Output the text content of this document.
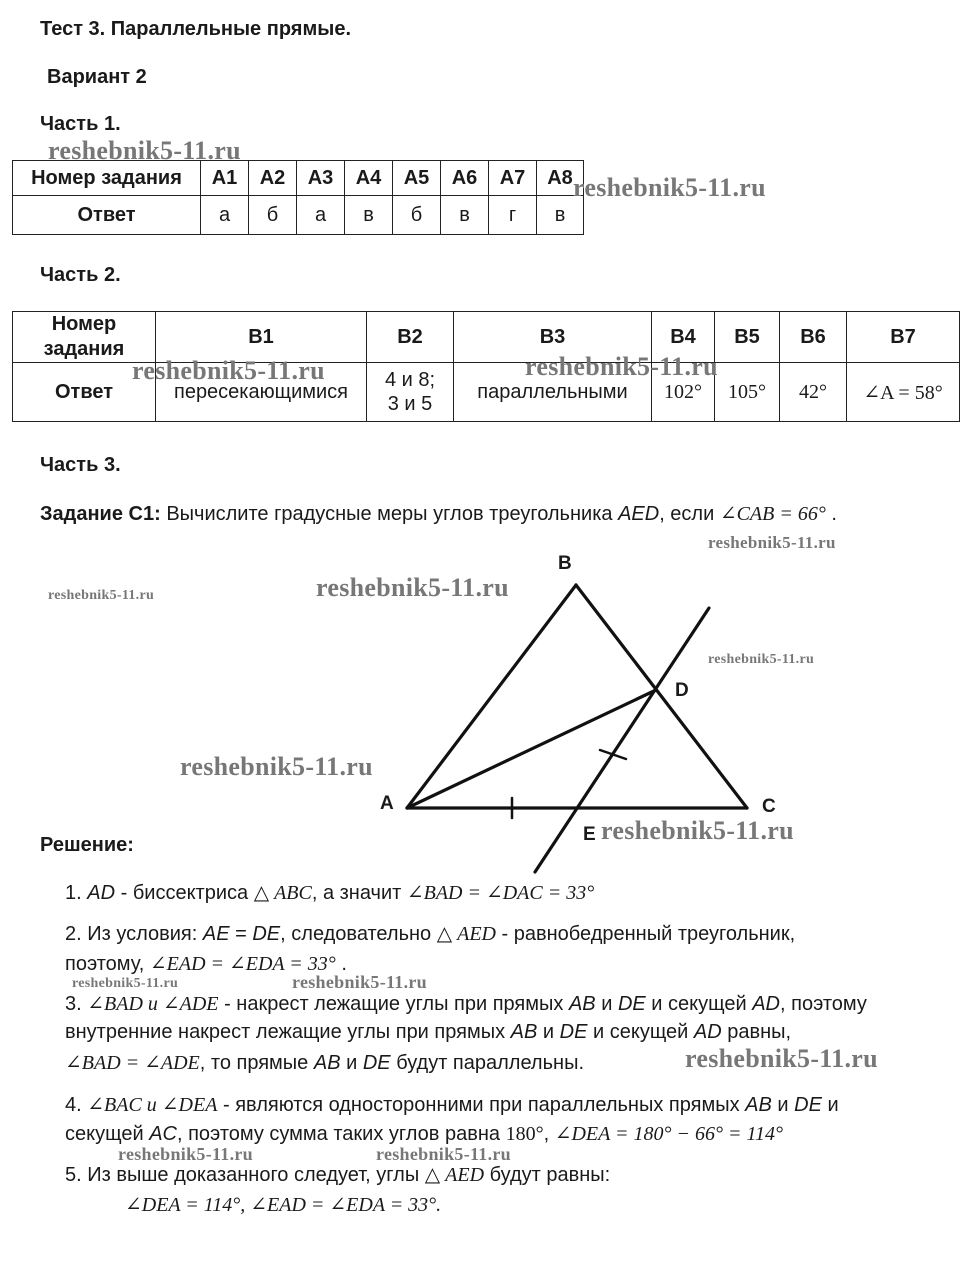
Тест 3. Параллельные прямые.
Вариант 2
Часть 1.
Номер задания	A1	A2	A3	A4	A5	A6	A7	A8
Ответ	а	б	а	в	б	в	г	в
Часть 2.
Номер
задания	B1	B2	B3	B4	B5	B6	B7
Ответ	пересекающимися	4 и 8;
3 и 5	параллельными	102°	105°	42°	∠A = 58°
Часть 3.
Задание С1: Вычислите градусные меры углов треугольника AED, если ∠CAB = 66° .
B
D
A	C
E
Решение:
1. AD - биссектриса △ ABC, а значит ∠BAD = ∠DAC = 33°
2. Из условия: AE = DE, следовательно △ AED - равнобедренный треугольник,
поэтому, ∠EAD = ∠EDA = 33° .
3. ∠BAD и ∠ADE - накрест лежащие углы при прямых AB и DE и секущей AD, поэтому
внутренние накрест лежащие углы при прямых AB и DE и секущей AD равны,
∠BAD = ∠ADE, то прямые AB и DE будут параллельны.
4. ∠BAC и ∠DEA - являются односторонними при параллельных прямых AB и DE и
секущей AC, поэтому сумма таких углов равна 180°, ∠DEA = 180° − 66° = 114°
5. Из выше доказанного следует, углы △ AED будут равны:
∠DEA = 114°, ∠EAD = ∠EDA = 33°.
reshebnik5-11.ru
reshebnik5-11.ru
reshebnik5-11.ru	reshebnik5-11.ru
reshebnik5-11.ru
reshebnik5-11.ru
reshebnik5-11.ru
reshebnik5-11.ru
reshebnik5-11.ru
reshebnik5-11.ru
reshebnik5-11.ru	reshebnik5-11.ru
reshebnik5-11.ru
reshebnik5-11.ru	reshebnik5-11.ru
